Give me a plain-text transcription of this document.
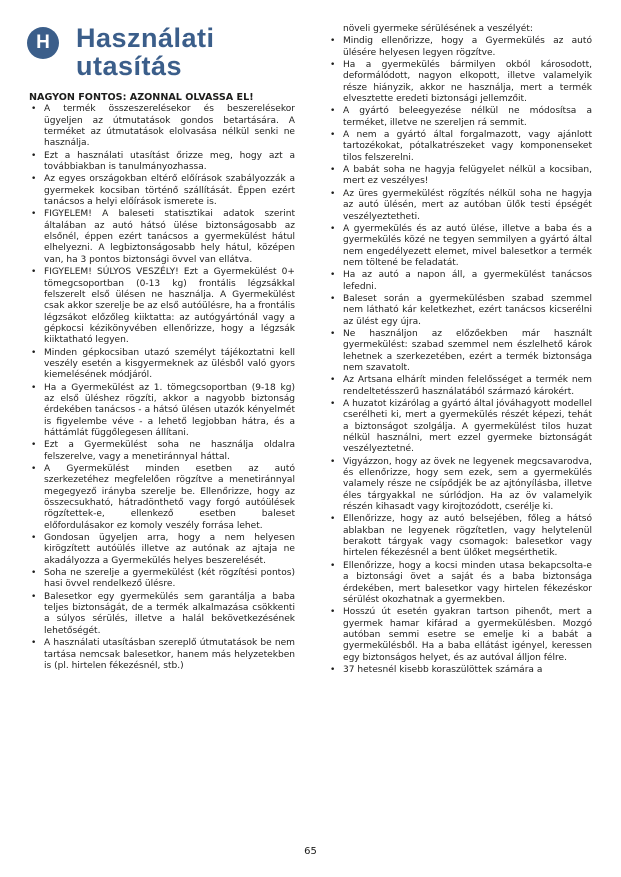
H Használati utasítás
NAGYON FONTOS: AZONNAL OLVASSA EL!
• A termék összeszerelésekor és beszerelésekor ügyeljen az útmutatások gondos betartására. A terméket az útmutatások elolvasása nélkül senki ne használja.
• Ezt a használati utasítást őrizze meg, hogy azt a továbbiakban is tanulmányozhassa.
• Az egyes országokban eltérő előírások szabályozzák a gyermekek kocsiban történő szállítását. Éppen ezért tanácsos a helyi előírások ismerete is.
• FIGYELEM! A baleseti statisztikai adatok szerint általában az autó hátsó ülése biztonságosabb az elsőnél, éppen ezért tanácsos a gyermekülést hátul elhelyezni. A legbiztonságosabb hely hátul, középen van, ha 3 pontos biztonsági övvel van ellátva.
• FIGYELEM! SÚLYOS VESZÉLY! Ezt a Gyermekülést 0+ tömegcsoportban (0-13 kg) frontális légzsákkal felszerelt első ülésen ne használja. A Gyermekülést csak akkor szerelje be az első autóülésre, ha a frontális légzsákot előzőleg kiiktatta: az autógyártónál vagy a gépkocsi kézikönyvében ellenőrizze, hogy a légzsák kiiktatható legyen.
• Minden gépkocsiban utazó személyt tájékoztatni kell veszély esetén a kisgyermeknek az ülésből való gyors kiemelésének módjáról.
• Ha a Gyermekülést az 1. tömegcsoportban (9-18 kg) az első üléshez rögzíti, akkor a nagyobb biztonság érdekében tanácsos - a hátsó ülésen utazók kényelmét is figyelembe véve - a lehető legjobban hátra, és a háttámlát függőlegesen állítani.
• Ezt a Gyermekülést soha ne használja oldalra felszerelve, vagy a menetiránnyal háttal.
• A Gyermekülést minden esetben az autó szerkezetéhez megfelelően rögzítve a menetiránnyal megegyező irányba szerelje be. Ellenőrizze, hogy az összecsukható, hátradönthető vagy forgó autóülések rögzítettek-e, ellenkező esetben baleset előfordulásakor ez komoly veszély forrása lehet.
• Gondosan ügyeljen arra, hogy a nem helyesen kirögzített autóülés illetve az autónak az ajtaja ne akadályozza a Gyermekülés helyes beszerelését.
• Soha ne szerelje a gyermekülést (két rögzítési pontos) hasi övvel rendelkező ülésre.
• Balesetkor egy gyermekülés sem garantálja a baba teljes biztonságát, de a termék alkalmazása csökkenti a súlyos sérülés, illetve a halál bekövetkezésének lehetőségét.
• A használati utasításban szereplő útmutatások be nem tartása nemcsak balesetkor, hanem más helyzetekben is (pl. hirtelen fékezésnél, stb.)
növeli gyermeke sérülésének a veszélyét:
• Mindig ellenőrizze, hogy a Gyermekülés az autó ülésére helyesen legyen rögzítve.
• Ha a gyermekülés bármilyen okból károsodott, deformálódott, nagyon elkopott, illetve valamelyik része hiányzik, akkor ne használja, mert a termék elvesztette eredeti biztonsági jellemzőit.
• A gyártó beleegyezése nélkül ne módosítsa a terméket, illetve ne szereljen rá semmit.
• A nem a gyártó által forgalmazott, vagy ajánlott tartozékokat, pótalkatrészeket vagy komponenseket tilos felszerelni.
• A babát soha ne hagyja felügyelet nélkül a kocsiban, mert ez veszélyes!
• Az üres gyermekülést rögzítés nélkül soha ne hagyja az autó ülésén, mert az autóban ülők testi épségét veszélyeztetheti.
• A gyermekülés és az autó ülése, illetve a baba és a gyermekülés közé ne tegyen semmilyen a gyártó által nem engedélyezett elemet, mivel balesetkor a termék nem töltené be feladatát.
• Ha az autó a napon áll, a gyermekülést tanácsos lefedni.
• Baleset során a gyermekülésben szabad szemmel nem látható kár keletkezhet, ezért tanácsos kicserélni az ülést egy újra.
• Ne használjon az előzőekben már használt gyermekülést: szabad szemmel nem észlelhető károk lehetnek a szerkezetében, ezért a termék biztonsága nem szavatolt.
• Az Artsana elhárít minden felelősséget a termék nem rendeltetésszerű használatából származó károkért.
• A huzatot kizárólag a gyártó által jóváhagyott modellel cserélheti ki, mert a gyermekülés részét képezi, tehát a biztonságot szolgálja. A gyermekülést tilos huzat nélkül használni, mert ezzel gyermeke biztonságát veszélyeztetné.
• Vigyázzon, hogy az övek ne legyenek megcsavarodva, és ellenőrizze, hogy sem ezek, sem a gyermekülés valamely része ne csípődjék be az ajtónyílásba, illetve éles tárgyakkal ne súrlódjon. Ha az öv valamelyik részén kihasadt vagy kirojtozódott, cserélje ki.
• Ellenőrizze, hogy az autó belsejében, főleg a hátsó ablakban ne legyenek rögzítetlen, vagy helytelenül berakott tárgyak vagy csomagok: balesetkor vagy hirtelen fékezésnél a bent ülőket megsérthetik.
• Ellenőrizze, hogy a kocsi minden utasa bekapcsolta-e a biztonsági övet a saját és a baba biztonsága érdekében, mert balesetkor vagy hirtelen fékezéskor sérülést okozhatnak a gyermekben.
• Hosszú út esetén gyakran tartson pihenőt, mert a gyermek hamar kifárad a gyermekülésben. Mozgó autóban semmi esetre se emelje ki a babát a gyermekülésből. Ha a baba ellátást igényel, keressen egy biztonságos helyet, és az autóval álljon félre.
• 37 hetesnél kisebb koraszülöttek számára a
65
